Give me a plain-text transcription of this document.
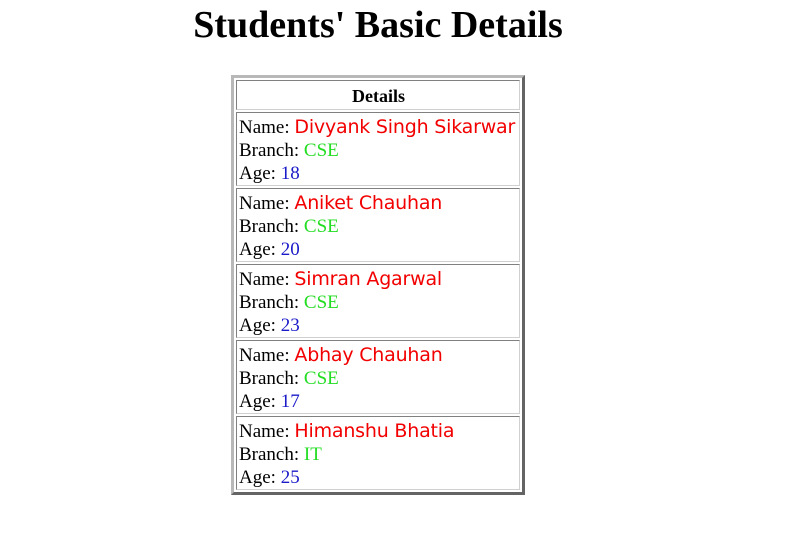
Students' Basic Details
Details

Name: Divyank Singh Sikarwar
Branch: CSE
Age: 18

Name: Aniket Chauhan
Branch: CSE
Age: 20

Name: Simran Agarwal
Branch: CSE
Age: 23

Name: Abhay Chauhan
Branch: CSE
Age: 17

Name: Himanshu Bhatia
Branch: IT
Age: 25
